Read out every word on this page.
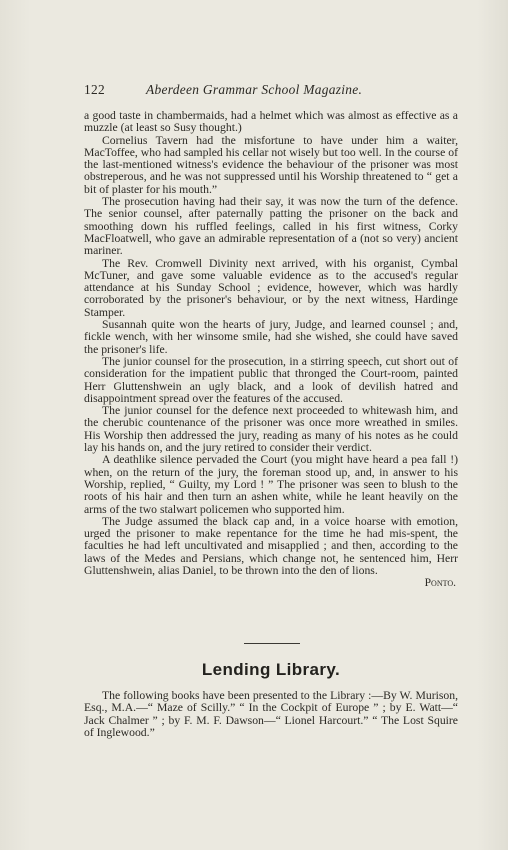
122	Aberdeen Grammar School Magazine.

a good taste in chambermaids, had a helmet which was almost as effective as a muzzle (at least so Susy thought.)

Cornelius Tavern had the misfortune to have under him a waiter, MacToffee, who had sampled his cellar not wisely but too well. In the course of the last-mentioned witness's evidence the behaviour of the prisoner was most obstreperous, and he was not suppressed until his Worship threatened to “ get a bit of plaster for his mouth.”

The prosecution having had their say, it was now the turn of the defence. The senior counsel, after paternally patting the prisoner on the back and smoothing down his ruffled feelings, called in his first witness, Corky MacFloatwell, who gave an admirable representation of a (not so very) ancient mariner.

The Rev. Cromwell Divinity next arrived, with his organist, Cymbal McTuner, and gave some valuable evidence as to the accused's regular attendance at his Sunday School ; evidence, however, which was hardly corroborated by the prisoner's behaviour, or by the next witness, Hardinge Stamper.

Susannah quite won the hearts of jury, Judge, and learned counsel ; and, fickle wench, with her winsome smile, had she wished, she could have saved the prisoner's life.

The junior counsel for the prosecution, in a stirring speech, cut short out of consideration for the impatient public that thronged the Court-room, painted Herr Gluttenshwein an ugly black, and a look of devilish hatred and disappointment spread over the features of the accused.

The junior counsel for the defence next proceeded to whitewash him, and the cherubic countenance of the prisoner was once more wreathed in smiles. His Worship then addressed the jury, reading as many of his notes as he could lay his hands on, and the jury retired to consider their verdict.

A deathlike silence pervaded the Court (you might have heard a pea fall !) when, on the return of the jury, the foreman stood up, and, in answer to his Worship, replied, “ Guilty, my Lord ! ” The prisoner was seen to blush to the roots of his hair and then turn an ashen white, while he leant heavily on the arms of the two stalwart policemen who supported him.

The Judge assumed the black cap and, in a voice hoarse with emotion, urged the prisoner to make repentance for the time he had mis-spent, the faculties he had left uncultivated and misapplied ; and then, according to the laws of the Medes and Persians, which change not, he sentenced him, Herr Gluttenshwein, alias Daniel, to be thrown into the den of lions.

Ponto.
Lending Library.

The following books have been presented to the Library :—By W. Murison, Esq., M.A.—“ Maze of Scilly.” “ In the Cockpit of Europe ” ; by E. Watt—“ Jack Chalmer ” ; by F. M. F. Dawson—“ Lionel Harcourt.” “ The Lost Squire of Inglewood.”
